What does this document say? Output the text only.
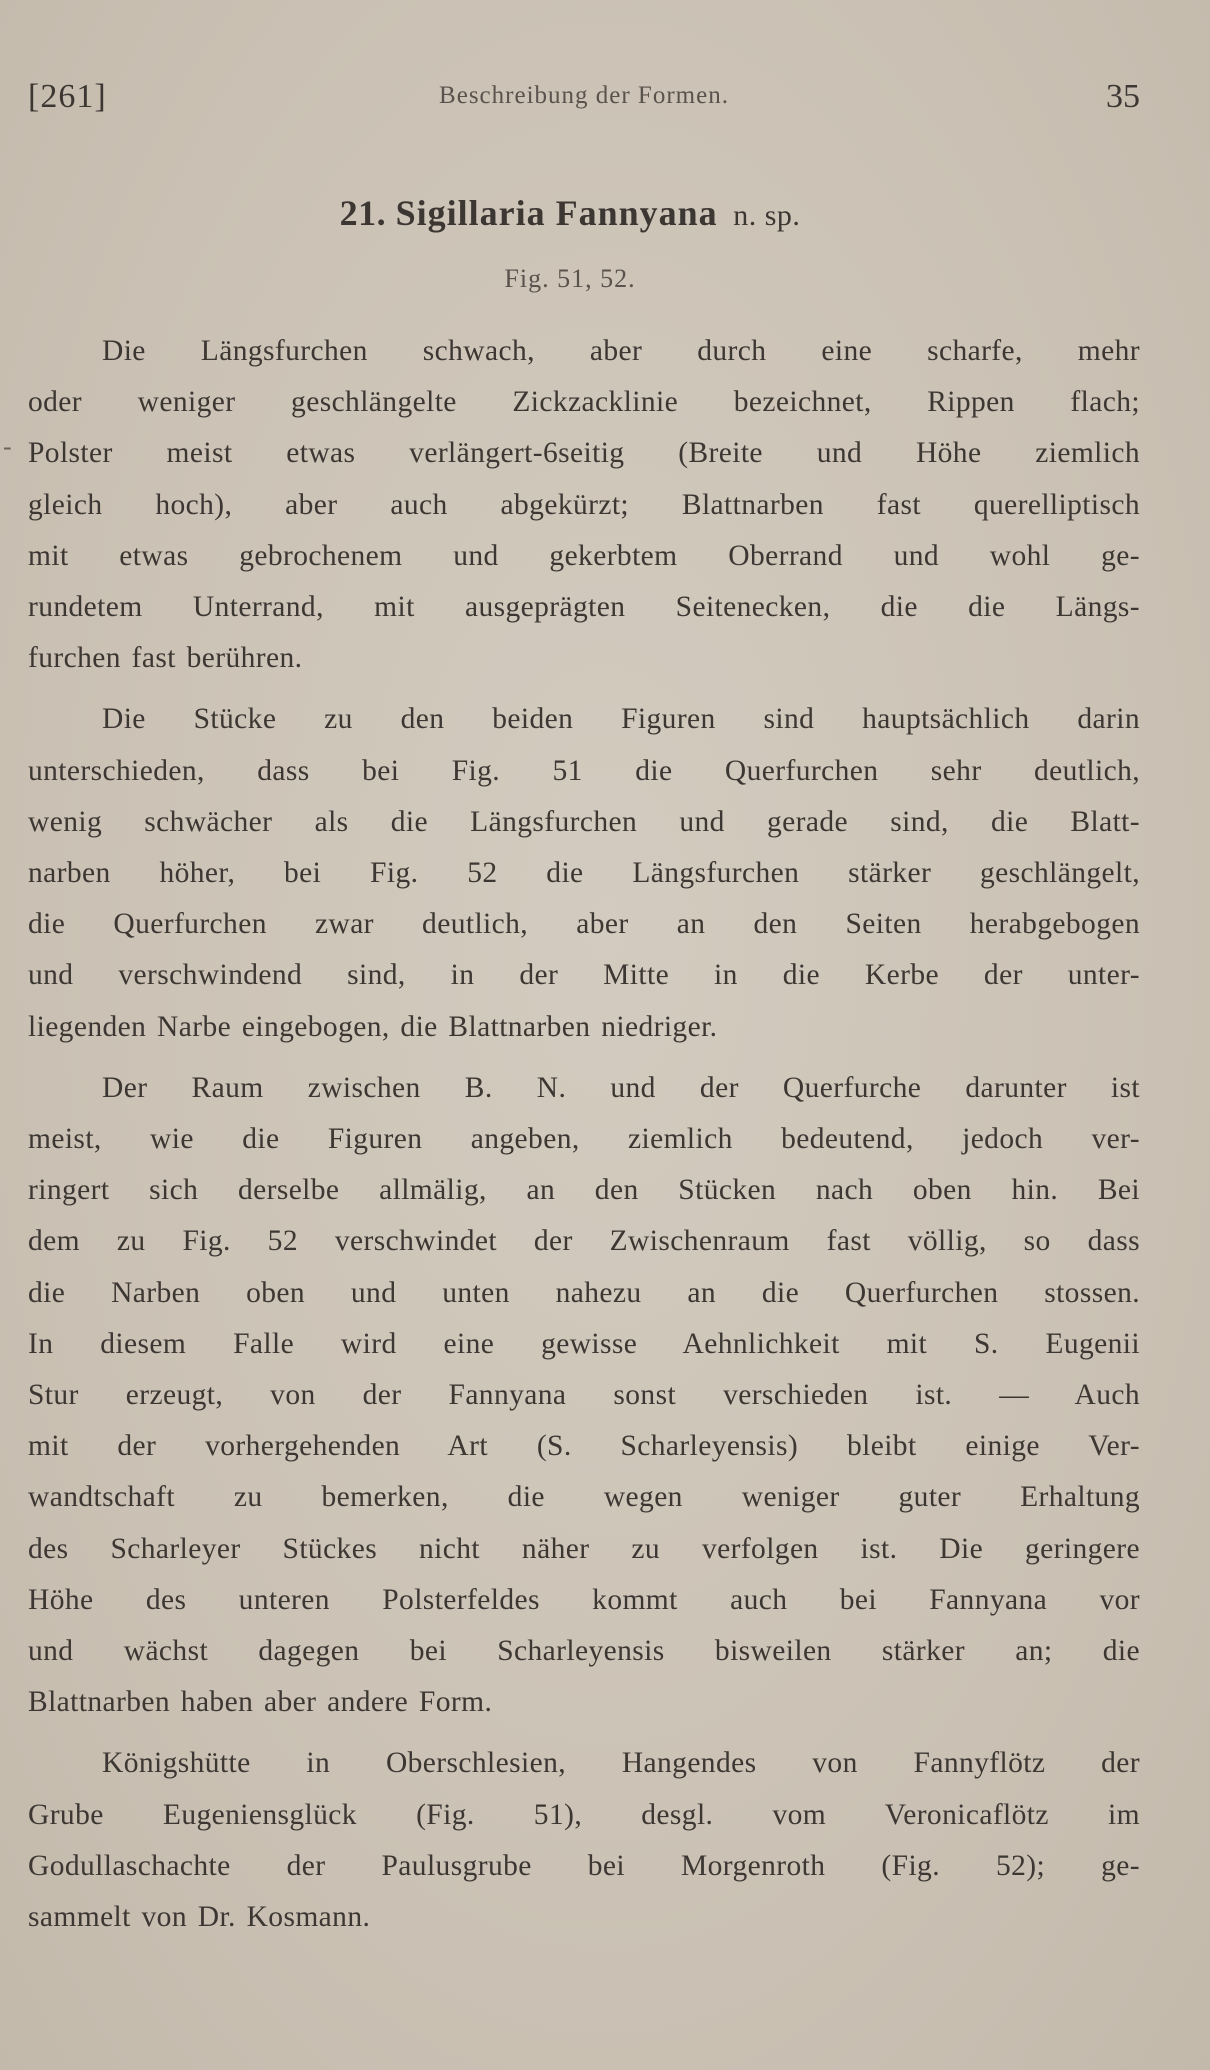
[261]	Beschreibung der Formen.	35
21. Sigillaria Fannyana n. sp.
Fig. 51, 52.
-
Die Längsfurchen schwach, aber durch eine scharfe, mehr
oder weniger geschlängelte Zickzacklinie bezeichnet, Rippen flach;
Polster meist etwas verlängert-6seitig (Breite und Höhe ziemlich
gleich hoch), aber auch abgekürzt; Blattnarben fast querelliptisch
mit etwas gebrochenem und gekerbtem Oberrand und wohl ge-
rundetem Unterrand, mit ausgeprägten Seitenecken, die die Längs-
furchen fast berühren.
Die Stücke zu den beiden Figuren sind hauptsächlich darin
unterschieden, dass bei Fig. 51 die Querfurchen sehr deutlich,
wenig schwächer als die Längsfurchen und gerade sind, die Blatt-
narben höher, bei Fig. 52 die Längsfurchen stärker geschlängelt,
die Querfurchen zwar deutlich, aber an den Seiten herabgebogen
und verschwindend sind, in der Mitte in die Kerbe der unter-
liegenden Narbe eingebogen, die Blattnarben niedriger.
Der Raum zwischen B. N. und der Querfurche darunter ist
meist, wie die Figuren angeben, ziemlich bedeutend, jedoch ver-
ringert sich derselbe allmälig, an den Stücken nach oben hin. Bei
dem zu Fig. 52 verschwindet der Zwischenraum fast völlig, so dass
die Narben oben und unten nahezu an die Querfurchen stossen.
In diesem Falle wird eine gewisse Aehnlichkeit mit S. Eugenii
Stur erzeugt, von der Fannyana sonst verschieden ist. — Auch
mit der vorhergehenden Art (S. Scharleyensis) bleibt einige Ver-
wandtschaft zu bemerken, die wegen weniger guter Erhaltung
des Scharleyer Stückes nicht näher zu verfolgen ist. Die geringere
Höhe des unteren Polsterfeldes kommt auch bei Fannyana vor
und wächst dagegen bei Scharleyensis bisweilen stärker an; die
Blattnarben haben aber andere Form.
Königshütte in Oberschlesien, Hangendes von Fannyflötz der
Grube Eugeniensglück (Fig. 51), desgl. vom Veronicaflötz im
Godullaschachte der Paulusgrube bei Morgenroth (Fig. 52); ge-
sammelt von Dr. Kosmann.
